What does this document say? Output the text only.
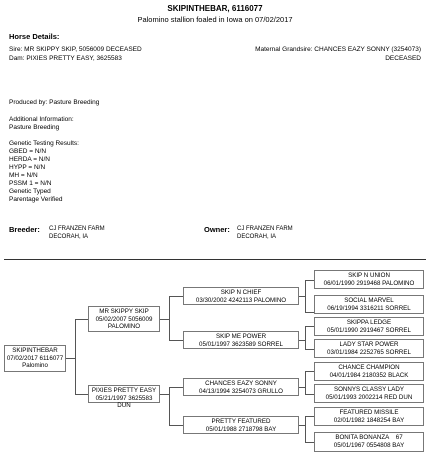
SKIPINTHEBAR, 6116077
Palomino stallion foaled in Iowa on 07/02/2017
Horse Details:
Sire: MR SKIPPY SKIP, 5056009 DECEASED
Dam: PIXIES PRETTY EASY, 3625583
Maternal Grandsire: CHANCES EAZY SONNY (3254073)
DECEASED
Produced by: Pasture Breeding
Additional Information:
Pasture Breeding
Genetic Testing Results:
GBED = N/N
HERDA = N/N
HYPP = N/N
MH = N/N
PSSM 1 = N/N
Genetic Typed
Parentage Verified
Breeder: CJ FRANZEN FARM
DECORAH, IA
Owner: CJ FRANZEN FARM
DECORAH, IA
SKIPINTHEBAR
07/02/2017 6116077
Palomino
MR SKIPPY SKIP
05/02/2007 5056009
PALOMINO
PIXIES PRETTY EASY
05/21/1997 3625583 DUN
SKIP N CHIEF
03/30/2002 4242113 PALOMINO
SKIP ME POWER
05/01/1997 3623589 SORREL
CHANCES EAZY SONNY
04/13/1994 3254073 GRULLO
PRETTY FEATURED
05/01/1988 2718798 BAY
SKIP N UNION
06/01/1990 2919468 PALOMINO
SOCIAL MARVEL
06/19/1994 3316211 SORREL
SKIPPA LEDGE
05/01/1990 2919467 SORREL
LADY STAR POWER
03/01/1984 2252765 SORREL
CHANCE CHAMPION
04/01/1984 2180352 BLACK
SONNYS CLASSY LADY
05/01/1993 2002214 RED DUN
FEATURED MISSILE
02/01/1982 1848254 BAY
BONITA BONANZA    67
05/01/1967 0554808 BAY
